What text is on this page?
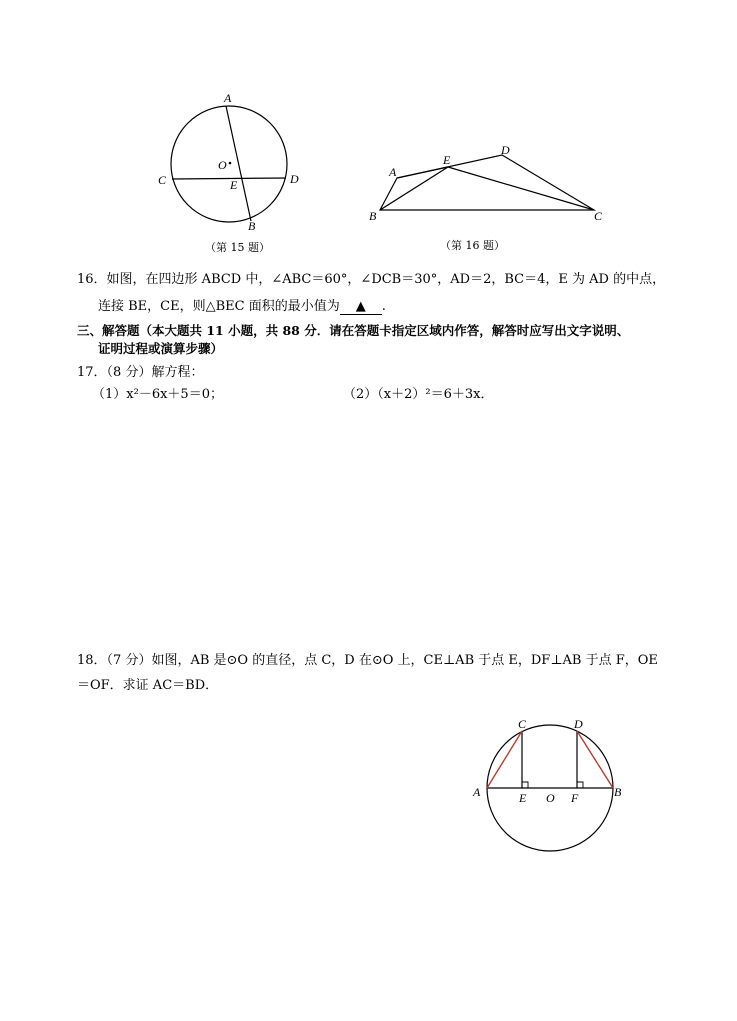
A
B
C	D
E
O
（第 15 题）
A
B	C
D
E
（第 16 题）
16．如图，在四边形 ABCD 中，∠ABC＝60°，∠DCB＝30°，AD＝2，BC＝4，E 为 AD 的中点，
连接 BE，CE，则△BEC 面积的最小值为 ▲ .
三、解答题（本大题共 11 小题，共 88 分．请在答题卡指定区域内作答，解答时应写出文字说明、
证明过程或演算步骤）
17．（8 分）解方程：
（1）x²－6x＋5＝0；	（2）（x＋2）²＝6＋3x．
18．（7 分）如图，AB 是⊙O 的直径，点 C，D 在⊙O 上，CE⊥AB 于点 E，DF⊥AB 于点 F，OE
＝OF．求证 AC＝BD．
A	B
C	D
E O F
